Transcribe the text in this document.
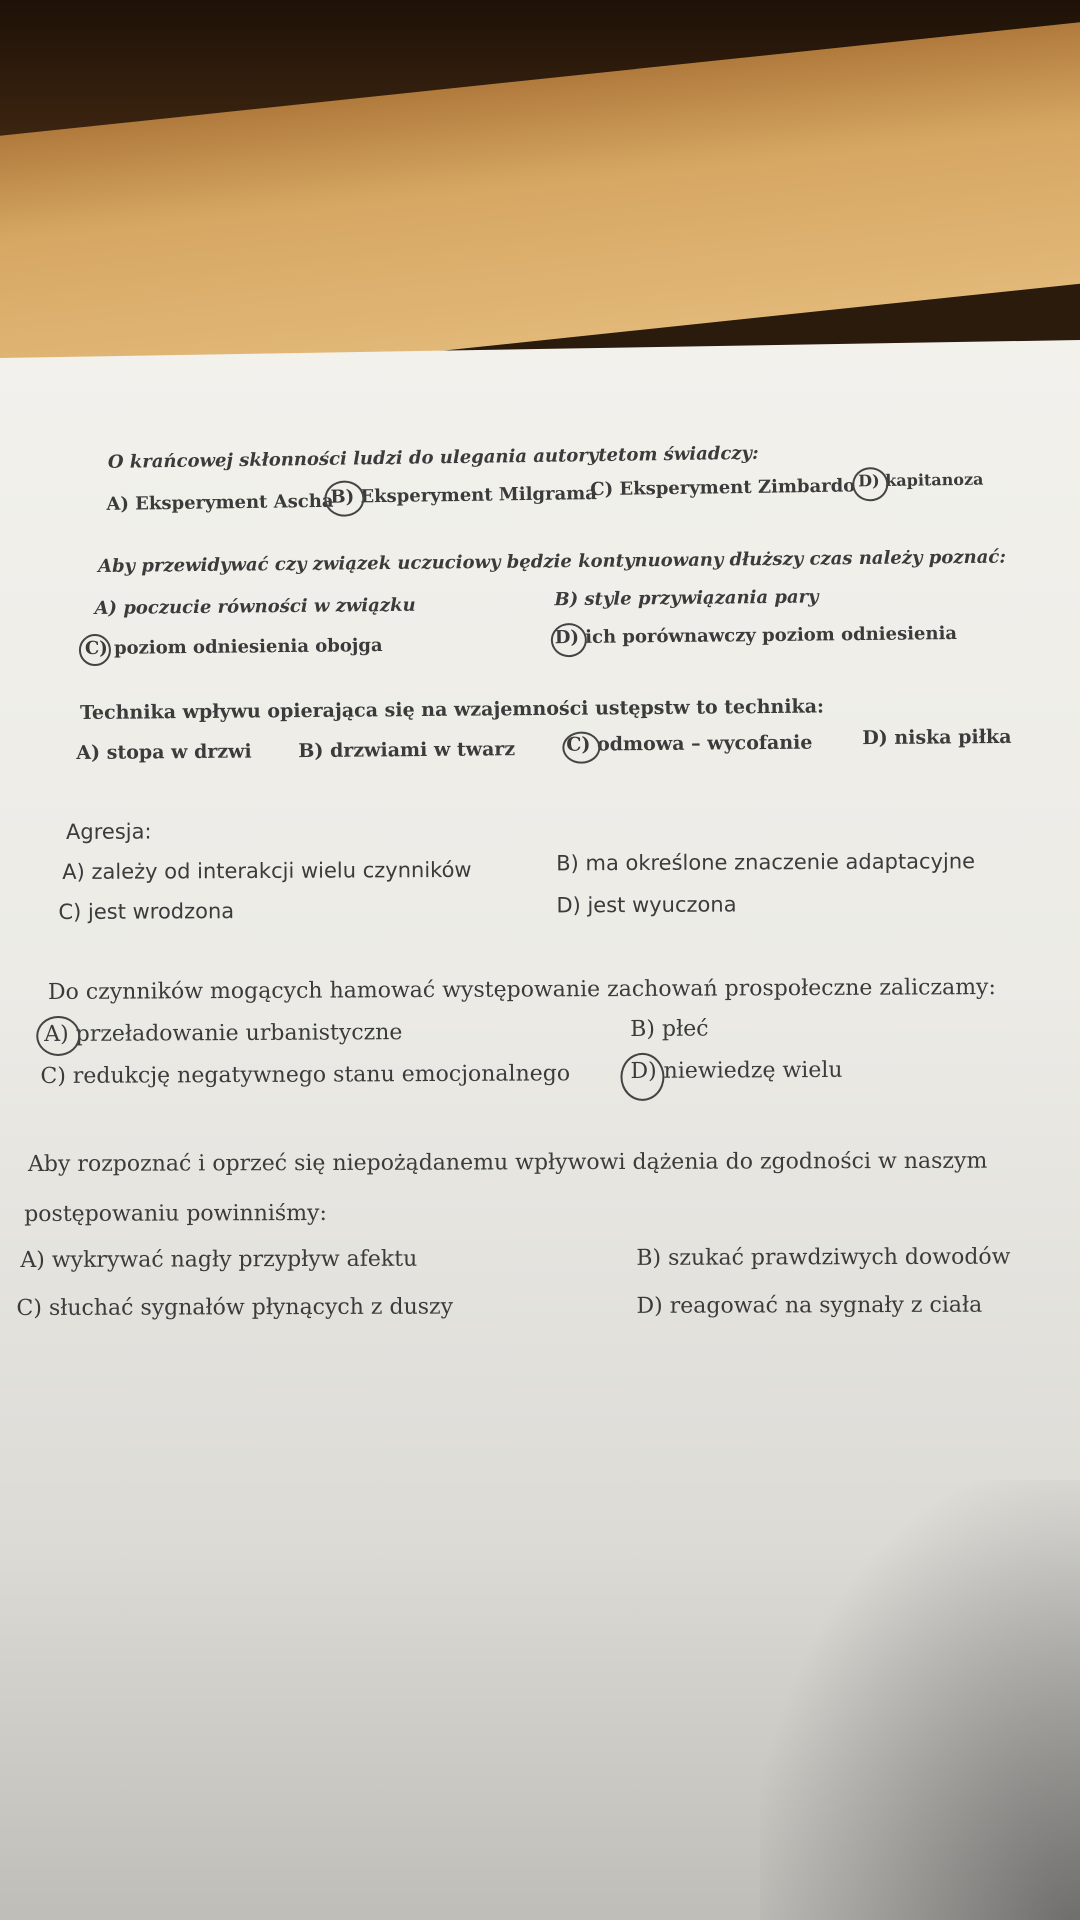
O krańcowej skłonności ludzi do ulegania autorytetom świadczy:
A) Eksperyment Ascha
B) Eksperyment Milgrama
C) Eksperyment Zimbardo D) kapitanoza
Aby przewidywać czy związek uczuciowy będzie kontynuowany dłuższy czas należy poznać:
A) poczucie równości w związku	B) style przywiązania pary
C) poziom odniesienia obojga	D) ich porównawczy poziom odniesienia
Technika wpływu opierająca się na wzajemności ustępstw to technika:
A) stopa w drzwi B) drzwiami w twarz	C) odmowa – wycofanie	D) niska piłka
Agresja:
A) zależy od interakcji wielu czynników	B) ma określone znaczenie adaptacyjne
C) jest wrodzona	D) jest wyuczona
Do czynników mogących hamować występowanie zachowań prospołeczne zaliczamy:
A) przeładowanie urbanistyczne	B) płeć
C) redukcję negatywnego stanu emocjonalnego	D) niewiedzę wielu
Aby rozpoznać i oprzeć się niepożądanemu wpływowi dążenia do zgodności w naszym
postępowaniu powinniśmy:
A) wykrywać nagły przypływ afektu	B) szukać prawdziwych dowodów
C) słuchać sygnałów płynących z duszy	D) reagować na sygnały z ciała
